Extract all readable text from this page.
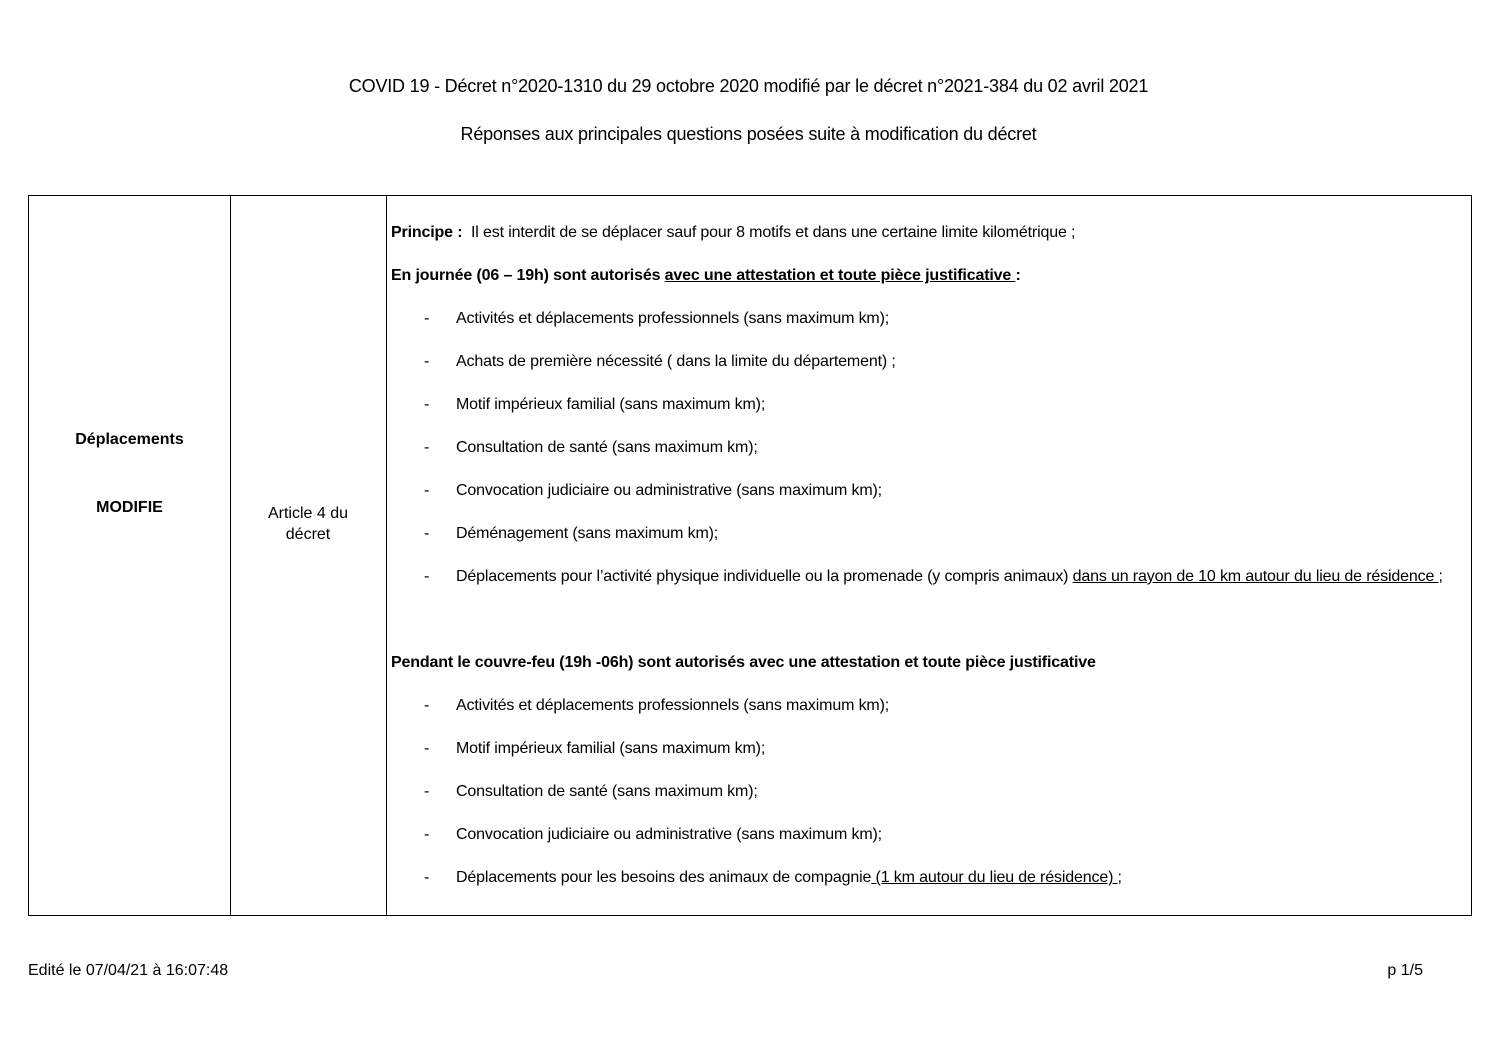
COVID 19 - Décret n°2020-1310 du 29 octobre 2020 modifié par le décret n°2021-384 du 02 avril 2021
Réponses aux principales questions posées suite à modification du décret
Déplacements
MODIFIE	Article 4 du
décret
Principe :  Il est interdit de se déplacer sauf pour 8 motifs et dans une certaine limite kilométrique ;
En journée (06 – 19h) sont autorisés avec une attestation et toute pièce justificative :
- Activités et déplacements professionnels (sans maximum km);
- Achats de première nécessité ( dans la limite du département) ;
- Motif impérieux familial (sans maximum km);
- Consultation de santé (sans maximum km);
- Convocation judiciaire ou administrative (sans maximum km);
- Déménagement (sans maximum km);
- Déplacements pour l’activité physique individuelle ou la promenade (y compris animaux) dans un rayon de 10 km autour du lieu de résidence ;
Pendant le couvre-feu (19h -06h) sont autorisés avec une attestation et toute pièce justificative
- Activités et déplacements professionnels (sans maximum km);
- Motif impérieux familial (sans maximum km);
- Consultation de santé (sans maximum km);
- Convocation judiciaire ou administrative (sans maximum km);
- Déplacements pour les besoins des animaux de compagnie (1 km autour du lieu de résidence) ;
Edité le 07/04/21 à 16:07:48	p 1/5
